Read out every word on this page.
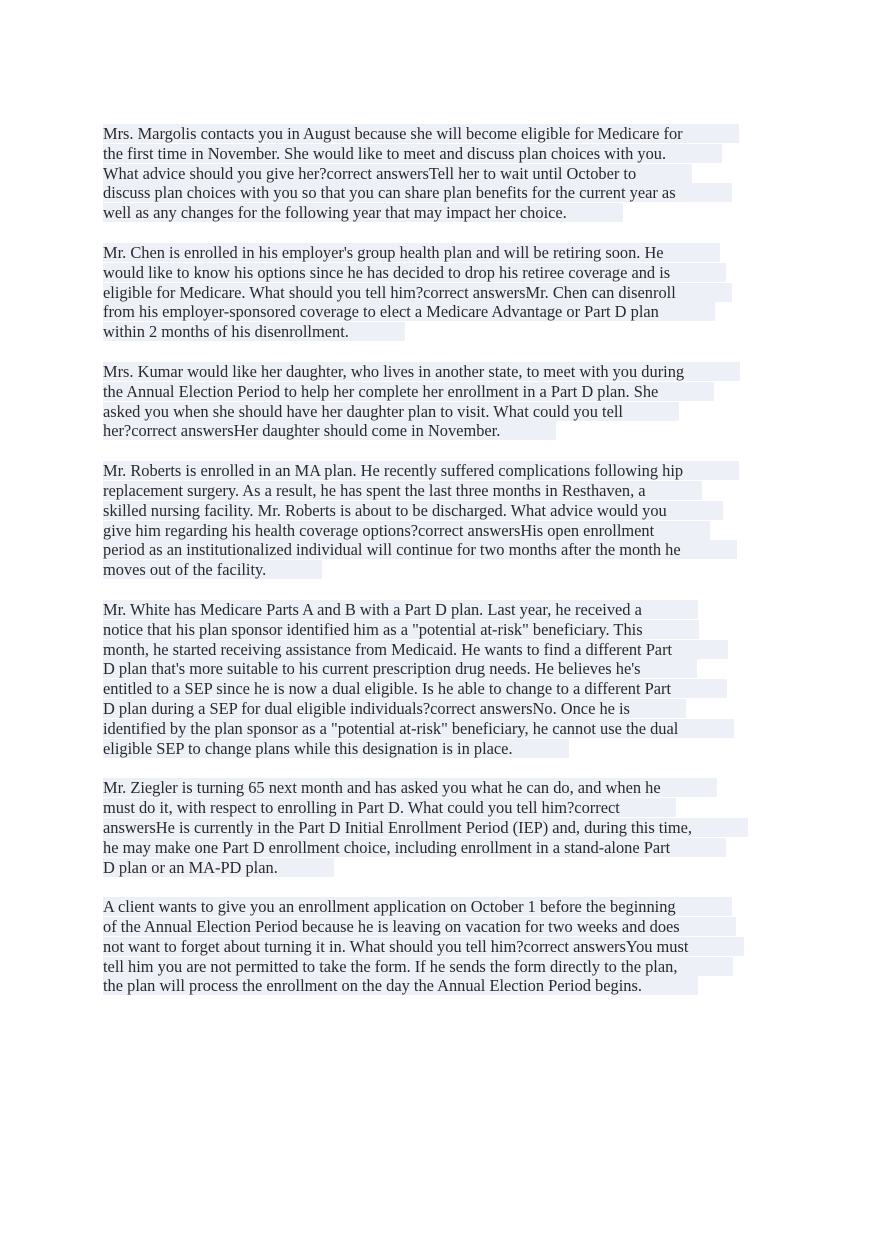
Mrs. Margolis contacts you in August because she will become eligible for Medicare for
the first time in November. She would like to meet and discuss plan choices with you.
What advice should you give her?correct answersTell her to wait until October to
discuss plan choices with you so that you can share plan benefits for the current year as
well as any changes for the following year that may impact her choice.
Mr. Chen is enrolled in his employer's group health plan and will be retiring soon. He
would like to know his options since he has decided to drop his retiree coverage and is
eligible for Medicare. What should you tell him?correct answersMr. Chen can disenroll
from his employer-sponsored coverage to elect a Medicare Advantage or Part D plan
within 2 months of his disenrollment.
Mrs. Kumar would like her daughter, who lives in another state, to meet with you during
the Annual Election Period to help her complete her enrollment in a Part D plan. She
asked you when she should have her daughter plan to visit. What could you tell
her?correct answersHer daughter should come in November.
Mr. Roberts is enrolled in an MA plan. He recently suffered complications following hip
replacement surgery. As a result, he has spent the last three months in Resthaven, a
skilled nursing facility. Mr. Roberts is about to be discharged. What advice would you
give him regarding his health coverage options?correct answersHis open enrollment
period as an institutionalized individual will continue for two months after the month he
moves out of the facility.
Mr. White has Medicare Parts A and B with a Part D plan. Last year, he received a
notice that his plan sponsor identified him as a "potential at-risk" beneficiary. This
month, he started receiving assistance from Medicaid. He wants to find a different Part
D plan that's more suitable to his current prescription drug needs. He believes he's
entitled to a SEP since he is now a dual eligible. Is he able to change to a different Part
D plan during a SEP for dual eligible individuals?correct answersNo. Once he is
identified by the plan sponsor as a "potential at-risk" beneficiary, he cannot use the dual
eligible SEP to change plans while this designation is in place.
Mr. Ziegler is turning 65 next month and has asked you what he can do, and when he
must do it, with respect to enrolling in Part D. What could you tell him?correct
answersHe is currently in the Part D Initial Enrollment Period (IEP) and, during this time,
he may make one Part D enrollment choice, including enrollment in a stand-alone Part
D plan or an MA-PD plan.
A client wants to give you an enrollment application on October 1 before the beginning
of the Annual Election Period because he is leaving on vacation for two weeks and does
not want to forget about turning it in. What should you tell him?correct answersYou must
tell him you are not permitted to take the form. If he sends the form directly to the plan,
the plan will process the enrollment on the day the Annual Election Period begins.
